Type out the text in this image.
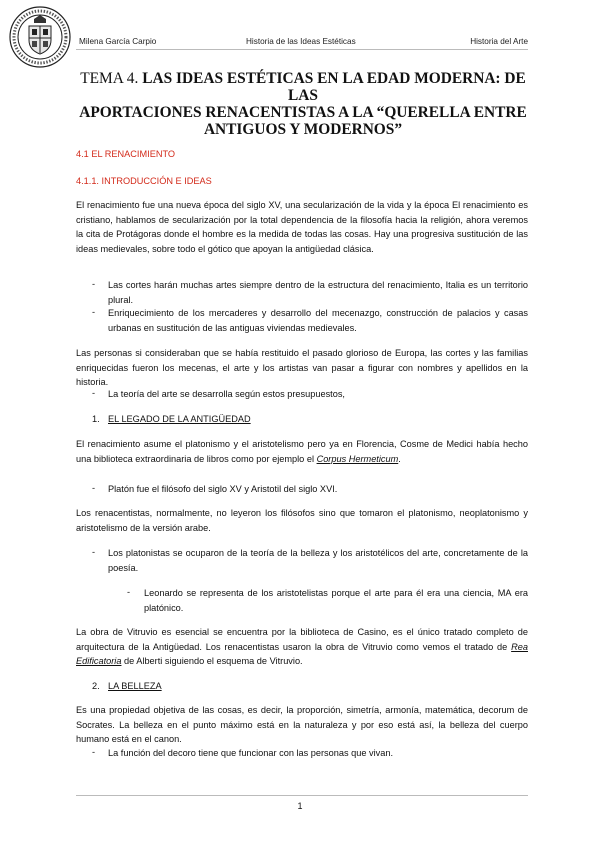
Milena García Carpio	Historia de las Ideas Estéticas	Historia del Arte
TEMA 4. LAS IDEAS ESTÉTICAS EN LA EDAD MODERNA: DE LAS
APORTACIONES RENACENTISTAS A LA “QUERELLA ENTRE
ANTIGUOS Y MODERNOS”
4.1 EL RENACIMIENTO
4.1.1. INTRODUCCIÓN E IDEAS
El renacimiento fue una nueva época del siglo XV, una secularización de la vida y la época El renacimiento es cristiano, hablamos de secularización por la total dependencia de la filosofía hacia la religión, ahora veremos la cita de Protágoras donde el hombre es la medida de todas las cosas. Hay una progresiva sustitución de las ideas medievales, sobre todo el gótico que apoyan la antigüedad clásica.
- Las cortes harán muchas artes siempre dentro de la estructura del renacimiento, Italia es un territorio plural.
- Enriquecimiento de los mercaderes y desarrollo del mecenazgo, construcción de palacios y casas urbanas en sustitución de las antiguas viviendas medievales.
Las personas si consideraban que se había restituido el pasado glorioso de Europa, las cortes y las familias enriquecidas fueron los mecenas, el arte y los artistas van pasar a figurar con nombres y apellidos en la historia.
- La teoría del arte se desarrolla según estos presupuestos,
1. EL LEGADO DE LA ANTIGÜEDAD
El renacimiento asume el platonismo y el aristotelismo pero ya en Florencia, Cosme de Medici había hecho una biblioteca extraordinaria de libros como por ejemplo el Corpus Hermeticum.
- Platón fue el filósofo del siglo XV y Aristotil del siglo XVI.
Los renacentistas, normalmente, no leyeron los filósofos sino que tomaron el platonismo, neoplatonismo y aristotelismo de la versión arabe.
- Los platonistas se ocuparon de la teoría de la belleza y los aristotélicos del arte, concretamente de la poesía.
- Leonardo se representa de los aristotelistas porque el arte para él era una ciencia, MA era platónico.
La obra de Vitruvio es esencial se encuentra por la biblioteca de Casino, es el único tratado completo de arquitectura de la Antigüedad. Los renacentistas usaron la obra de Vitruvio como vemos el tratado de Rea Edificatoria de Alberti siguiendo el esquema de Vitruvio.
2. LA BELLEZA
Es una propiedad objetiva de las cosas, es decir, la proporción, simetría, armonía, matemática, decorum de Socrates. La belleza en el punto máximo está en la naturaleza y por eso está así, la belleza del cuerpo humano está en el canon.
- La función del decoro tiene que funcionar con las personas que vivan.
1
